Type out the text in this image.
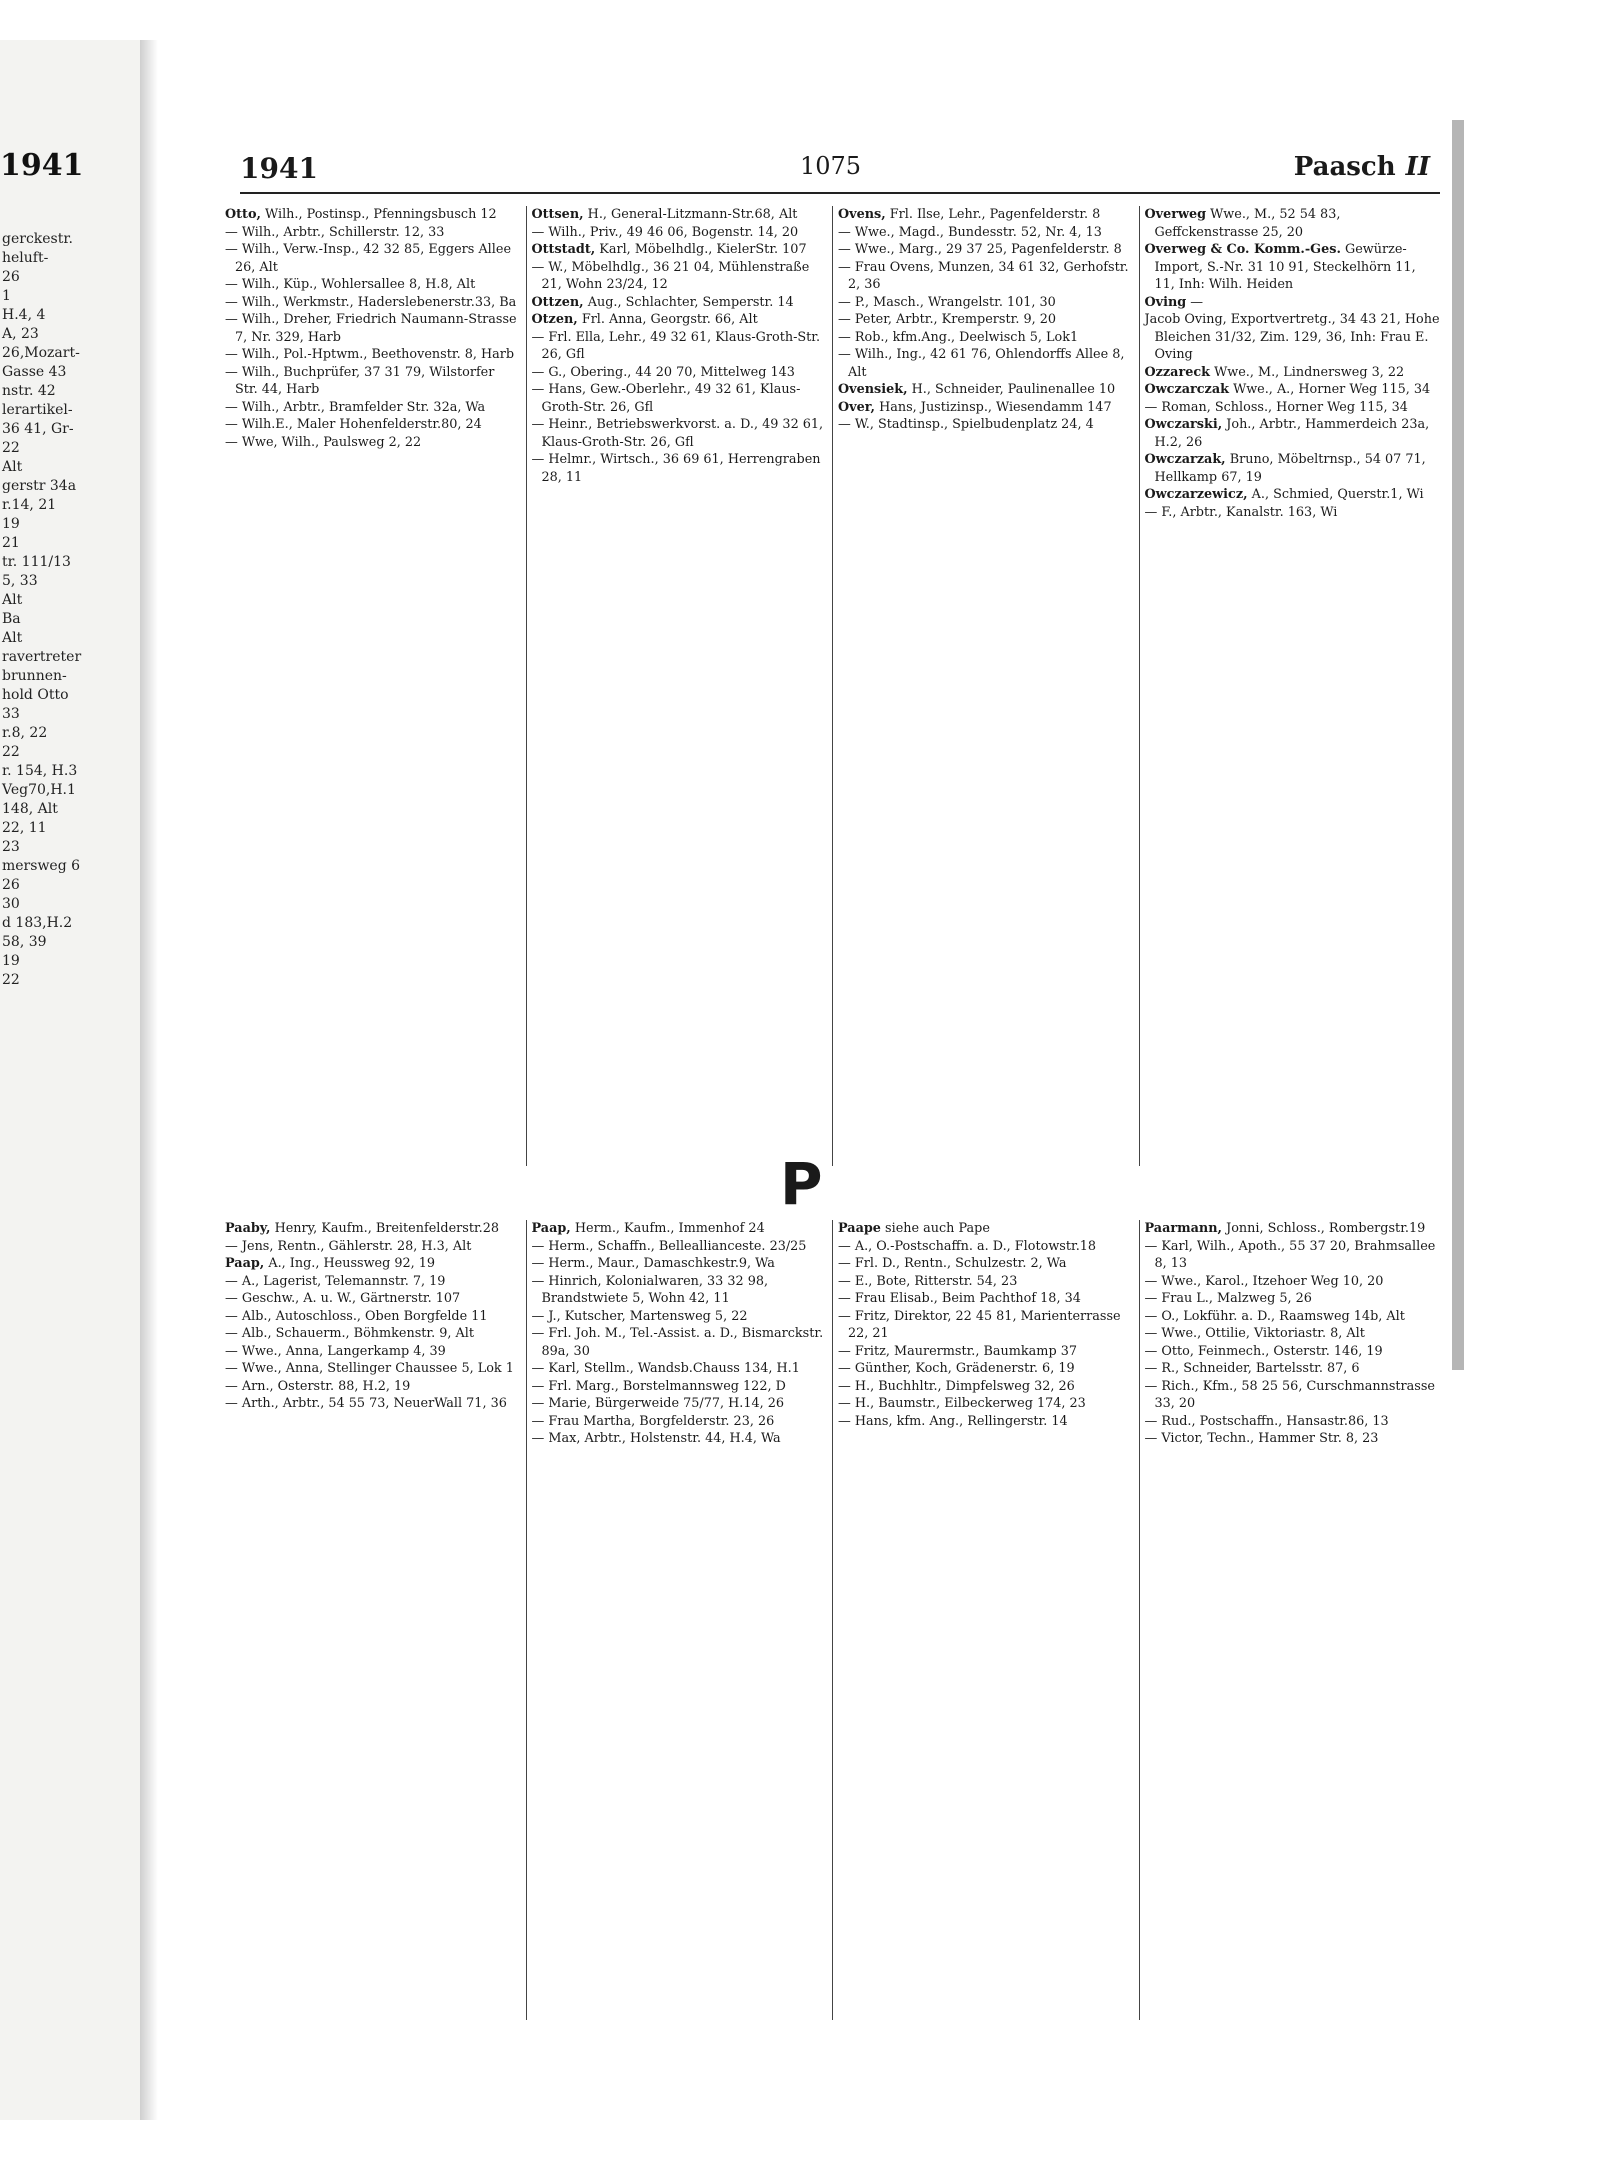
1941
gerckestr.
heluft-
26
1
H.4, 4
A, 23
26,Mozart-
Gasse 43
nstr. 42
lerartikel-
36 41, Gr-
22
Alt
gerstr 34a
r.14, 21
19
21
tr. 111/13
5, 33
Alt
Ba
Alt
ravertreter
brunnen-
hold Otto
33
r.8, 22
22
r. 154, H.3
Veg70,H.1
148, Alt
22, 11
23
mersweg 6
26
30
d 183,H.2
58, 39
19
22
1941	1075	Paasch II

Otto, Wilh., Postinsp., Pfenningsbusch 12

— Wilh., Arbtr., Schillerstr. 12, 33

— Wilh., Verw.-Insp., 42 32 85, Eggers Allee 26, Alt

— Wilh., Küp., Wohlersallee 8, H.8, Alt

— Wilh., Werkmstr., Haderslebenerstr.33, Ba

— Wilh., Dreher, Friedrich Naumann-Strasse 7, Nr. 329, Harb

— Wilh., Pol.-Hptwm., Beethovenstr. 8, Harb

— Wilh., Buchprüfer, 37 31 79, Wilstorfer Str. 44, Harb

— Wilh., Arbtr., Bramfelder Str. 32a, Wa

— Wilh.E., Maler Hohenfelderstr.80, 24

— Wwe, Wilh., Paulsweg 2, 22

Ottsen, H., General-Litzmann-Str.68, Alt

— Wilh., Priv., 49 46 06, Bogenstr. 14, 20

Ottstadt, Karl, Möbelhdlg., KielerStr. 107

— W., Möbelhdlg., 36 21 04, Mühlenstraße 21, Wohn 23/24, 12

Ottzen, Aug., Schlachter, Semperstr. 14

Otzen, Frl. Anna, Georgstr. 66, Alt

— Frl. Ella, Lehr., 49 32 61, Klaus-Groth-Str. 26, Gfl

— G., Obering., 44 20 70, Mittelweg 143

— Hans, Gew.-Oberlehr., 49 32 61, Klaus-Groth-Str. 26, Gfl

— Heinr., Betriebswerkvorst. a. D., 49 32 61, Klaus-Groth-Str. 26, Gfl

— Helmr., Wirtsch., 36 69 61, Herrengraben 28, 11

Ovens, Frl. Ilse, Lehr., Pagenfelderstr. 8

— Wwe., Magd., Bundesstr. 52, Nr. 4, 13

— Wwe., Marg., 29 37 25, Pagenfelderstr. 8

— Frau Ovens, Munzen, 34 61 32, Gerhofstr. 2, 36

— P., Masch., Wrangelstr. 101, 30

— Peter, Arbtr., Kremperstr. 9, 20

— Rob., kfm.Ang., Deelwisch 5, Lok1

— Wilh., Ing., 42 61 76, Ohlendorffs Allee 8, Alt

Ovensiek, H., Schneider, Paulinenallee 10

Over, Hans, Justizinsp., Wiesendamm 147

— W., Stadtinsp., Spielbudenplatz 24, 4

Overweg Wwe., M., 52 54 83, Geffckenstrasse 25, 20

Overweg & Co. Komm.-Ges. Gewürze-Import, S.-Nr. 31 10 91, Steckelhörn 11, 11, Inh: Wilh. Heiden

Oving —

Jacob Oving, Exportvertretg., 34 43 21, Hohe Bleichen 31/32, Zim. 129, 36, Inh: Frau E. Oving

Ozzareck Wwe., M., Lindnersweg 3, 22

Owczarczak Wwe., A., Horner Weg 115, 34

— Roman, Schloss., Horner Weg 115, 34

Owczarski, Joh., Arbtr., Hammerdeich 23a, H.2, 26

Owczarzak, Bruno, Möbeltrnsp., 54 07 71, Hellkamp 67, 19

Owczarzewicz, A., Schmied, Querstr.1, Wi

— F., Arbtr., Kanalstr. 163, Wi

P

Paaby, Henry, Kaufm., Breitenfelderstr.28

— Jens, Rentn., Gählerstr. 28, H.3, Alt

Paap, A., Ing., Heussweg 92, 19

— A., Lagerist, Telemannstr. 7, 19

— Geschw., A. u. W., Gärtnerstr. 107

— Alb., Autoschloss., Oben Borgfelde 11

— Alb., Schauerm., Böhmkenstr. 9, Alt

— Wwe., Anna, Langerkamp 4, 39

— Wwe., Anna, Stellinger Chaussee 5, Lok 1

— Arn., Osterstr. 88, H.2, 19

— Arth., Arbtr., 54 55 73, NeuerWall 71, 36

Paap, Herm., Kaufm., Immenhof 24

— Herm., Schaffn., Belleallianceste. 23/25

— Herm., Maur., Damaschkestr.9, Wa

— Hinrich, Kolonialwaren, 33 32 98, Brandstwiete 5, Wohn 42, 11

— J., Kutscher, Martensweg 5, 22

— Frl. Joh. M., Tel.-Assist. a. D., Bismarckstr. 89a, 30

— Karl, Stellm., Wandsb.Chauss 134, H.1

— Frl. Marg., Borstelmannsweg 122, D

— Marie, Bürgerweide 75/77, H.14, 26

— Frau Martha, Borgfelderstr. 23, 26

— Max, Arbtr., Holstenstr. 44, H.4, Wa

Paape siehe auch Pape

— A., O.-Postschaffn. a. D., Flotowstr.18

— Frl. D., Rentn., Schulzestr. 2, Wa

— E., Bote, Ritterstr. 54, 23

— Frau Elisab., Beim Pachthof 18, 34

— Fritz, Direktor, 22 45 81, Marienterrasse 22, 21

— Fritz, Maurermstr., Baumkamp 37

— Günther, Koch, Grädenerstr. 6, 19

— H., Buchhltr., Dimpfelsweg 32, 26

— H., Baumstr., Eilbeckerweg 174, 23

— Hans, kfm. Ang., Rellingerstr. 14

Paarmann, Jonni, Schloss., Rombergstr.19

— Karl, Wilh., Apoth., 55 37 20, Brahmsallee 8, 13

— Wwe., Karol., Itzehoer Weg 10, 20

— Frau L., Malzweg 5, 26

— O., Lokführ. a. D., Raamsweg 14b, Alt

— Wwe., Ottilie, Viktoriastr. 8, Alt

— Otto, Feinmech., Osterstr. 146, 19

— R., Schneider, Bartelsstr. 87, 6

— Rich., Kfm., 58 25 56, Curschmannstrasse 33, 20

— Rud., Postschaffn., Hansastr.86, 13

— Victor, Techn., Hammer Str. 8, 23
